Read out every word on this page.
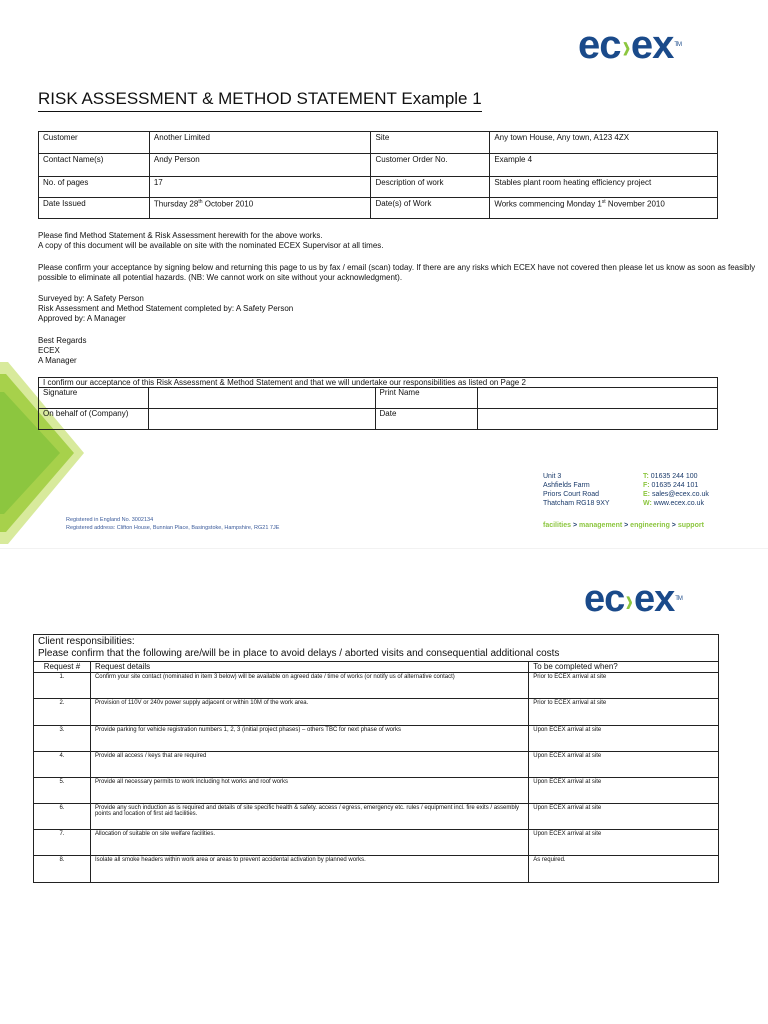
ec›ex™
RISK ASSESSMENT & METHOD STATEMENT Example 1
Customer	Another Limited	Site	Any town House, Any town, A123 4ZX
Contact Name(s)	Andy Person	Customer Order No.	Example 4
No. of pages	17	Description of work	Stables plant room heating efficiency project
Date Issued	Thursday 28th October 2010	Date(s) of Work	Works commencing Monday 1st November 2010
Please find Method Statement & Risk Assessment herewith for the above works.
A copy of this document will be available on site with the nominated ECEX Supervisor at all times.
Please confirm your acceptance by signing below and returning this page to us by fax / email (scan) today. If there are any risks which ECEX have not covered then please let us know as soon as feasibly
possible to eliminate all potential hazards. (NB: We cannot work on site without your acknowledgment).
Surveyed by: A Safety Person
Risk Assessment and Method Statement completed by: A Safety Person
Approved by: A Manager
Best Regards
ECEX
A Manager
I confirm our acceptance of this Risk Assessment & Method Statement and that we will undertake our responsibilities as listed on Page 2			
Signature		Print Name	
On behalf of (Company)		Date	
Unit 3
Ashfields Farm
Priors Court Road
Thatcham RG18 9XY
T: 01635 244 100
F: 01635 244 101
E: sales@ecex.co.uk
W: www.ecex.co.uk
facilities > management > engineering > support
Registered in England No. 3002134
Registered address: Clifton House, Bunnian Place, Basingstoke, Hampshire, RG21 7JE
ec›ex™
Client responsibilities:
Please confirm that the following are/will be in place to avoid delays / aborted visits and consequential additional costs		

Request #	Request details	To be completed when?
1.	Confirm your site contact (nominated in item 3 below) will be available on agreed date / time of works (or notify us of alternative contact)	Prior to ECEX arrival at site
2.	Provision of 110V or 240v power supply adjacent or within 10M of the work area.	Prior to ECEX arrival at site
3.	Provide parking for vehicle registration numbers 1, 2, 3 (initial project phases) – others TBC for next phase of works	Upon ECEX arrival at site
4.	Provide all access / keys that are required	Upon ECEX arrival at site
5.	Provide all necessary permits to work including hot works and roof works	Upon ECEX arrival at site
6.	Provide any such induction as is required and details of site specific health & safety. access / egress, emergency etc. rules / equipment incl. fire exits / assembly points and location of first aid facilities.	Upon ECEX arrival at site
7.	Allocation of suitable on site welfare facilities.	Upon ECEX arrival at site
8.	Isolate all smoke headers within work area or areas to prevent accidental activation by planned works.	As required.
